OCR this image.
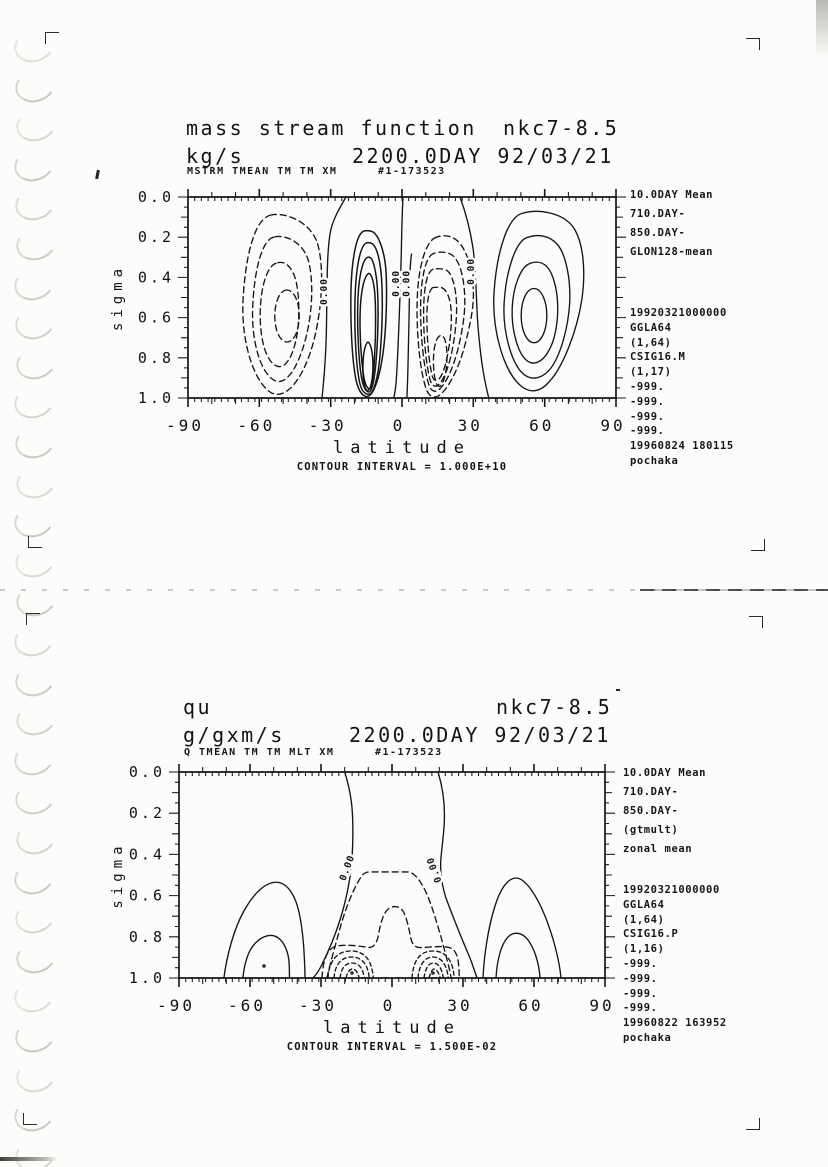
mass stream function nkc7-8.5
kg/s	2200.0DAY 92/03/21
MSTRM TMEAN TM TM XM	#1-173523
10.0DAY Mean
710.DAY-
850.DAY-
GLON128-mean
19920321000000
GGLA64
(1,64)
CSIG16.M
(1,17)
-999.
-999.
-999.
-999.
19960824 180115
pochaka
qu	nkc7-8.5
g/gxm/s	2200.0DAY 92/03/21
Q TMEAN TM TM MLT XM	#1-173523
10.0DAY Mean
710.DAY-
850.DAY-
(gtmult)
zonal mean
19920321000000
GGLA64
(1,64)
CSIG16.P
(1,16)
-999.
-999.
-999.
-999.
19960822 163952
pochaka
-90 -60 -30	0	30	60	90
0.0
0.2
0.4
0.6
0.8
1.0
latitude
sigma
CONTOUR INTERVAL = 1.000E+10
0.00	0.00 0.00	0.00
-90 -60 -30	0	30	60	90
0.0
0.2
0.4
0.6
0.8
1.0
latitude
sigma
CONTOUR INTERVAL = 1.500E-02
0.00	0.00
